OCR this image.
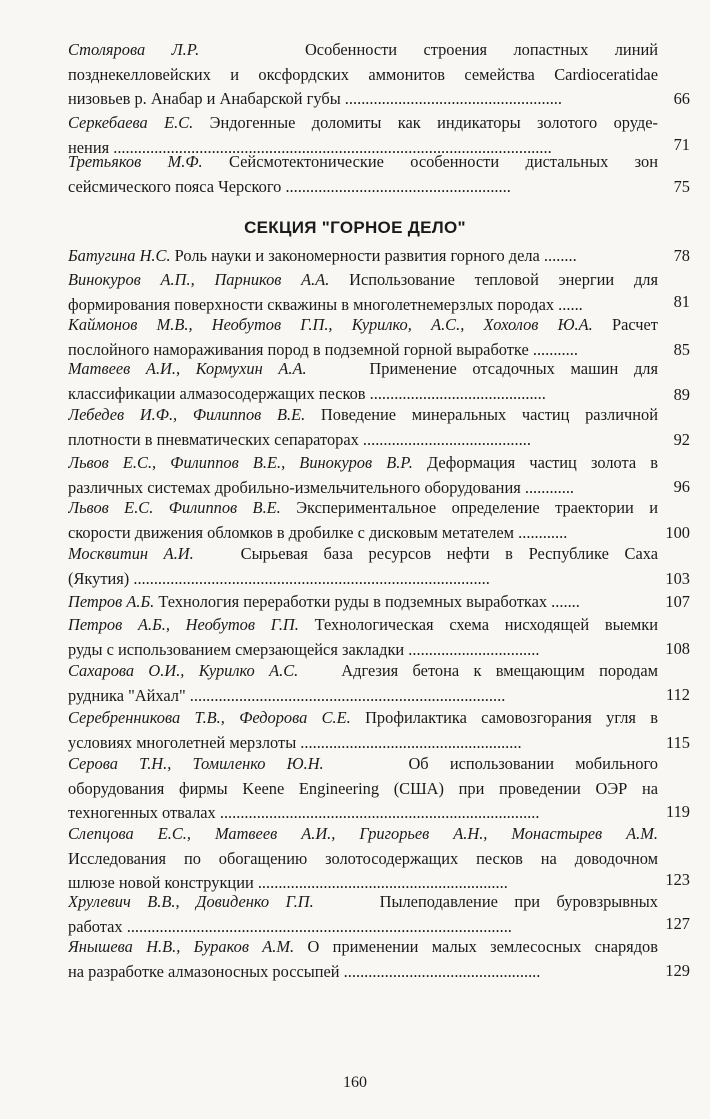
Столярова Л.Р.	Особенности строения лопастных линий
позднекелловейских и оксфордских аммонитов семейства Cardioceratidae
низовьев р. Анабар и Анабарской губы .....................................................	66
Серкебаева Е.С. Эндогенные доломиты как индикаторы золотого оруде-
нения ...........................................................................................................	71
Третьяков М.Ф. Сейсмотектонические особенности дистальных зон
сейсмического пояса Черского .......................................................	75
СЕКЦИЯ "ГОРНОЕ ДЕЛО"
Батугина Н.С. Роль науки и закономерности развития горного дела ........	78
Винокуров А.П., Парников А.А. Использование тепловой энергии для
формирования поверхности скважины в многолетнемерзлых породах ......	81
Каймонов М.В., Необутов Г.П., Курилко, А.С., Хохолов Ю.А. Расчет
послойного намораживания пород в подземной горной выработке ...........	85
Матвеев А.И., Кормухин А.А.	Применение отсадочных машин для
классификации алмазосодержащих песков ...........................................	89
Лебедев И.Ф., Филиппов В.Е. Поведение минеральных частиц различной
плотности в пневматических сепараторах .........................................	92
Львов Е.С., Филиппов В.Е., Винокуров В.Р. Деформация частиц золота в
различных системах дробильно-измельчительного оборудования ............	96
Львов Е.С. Филиппов В.Е. Экспериментальное определение траектории и
скорости движения обломков в дробилке с дисковым метателем ............	100
Москвитин А.И.	Сырьевая база ресурсов нефти в Республике Саха
(Якутия) .......................................................................................	103
Петров А.Б. Технология переработки руды в подземных выработках .......	107
Петров А.Б., Необутов Г.П. Технологическая схема нисходящей выемки
руды с использованием смерзающейся закладки ................................	108
Сахарова О.И., Курилко А.С.	Адгезия бетона к вмещающим породам
рудника "Айхал" .............................................................................	112
Серебренникова Т.В., Федорова С.Е. Профилактика самовозгорания угля в
условиях многолетней мерзлоты ......................................................	115
Серова Т.Н., Томиленко Ю.Н.	Об использовании мобильного
оборудования фирмы Keene Engineering (США) при проведении ОЭР на
техногенных отвалах ..............................................................................	119
Слепцова Е.С., Матвеев А.И., Григорьев А.Н., Монастырев А.М.
Исследования по обогащению золотосодержащих песков на доводочном
шлюзе новой конструкции .............................................................	123
Хрулевич В.В., Довиденко Г.П.	Пылеподавление при буровзрывных
работах ..............................................................................................	127
Янышева Н.В., Бураков А.М. О применении малых землесосных снарядов
на разработке алмазоносных россыпей ................................................	129
160
